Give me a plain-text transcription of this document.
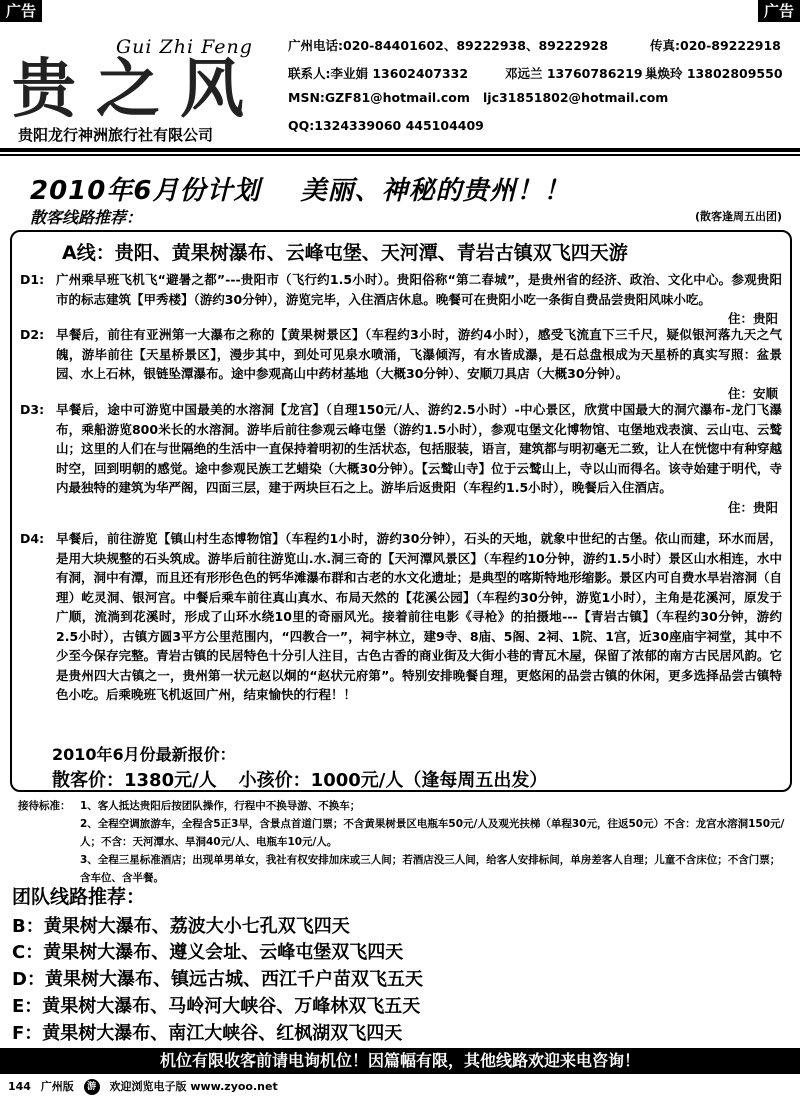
广告	广告
贵之风
Gui Zhi Feng
贵阳龙行神洲旅行社有限公司
广州电话:020-84401602、89222938、89222928	传真:020-89222918
联系人:李业娟 13602407332	邓远兰 13760786219 巢焕玲 13802809550
MSN:GZF81@hotmail.com ljc31851802@hotmail.com
QQ:1324339060 445104409
2010年6月份计划 美丽、神秘的贵州！！
散客线路推荐：	(散客逢周五出团)
A线：贵阳、黄果树瀑布、云峰屯堡、天河潭、青岩古镇双飞四天游
D1: 广州乘早班飞机飞“避暑之都”---贵阳市（飞行约1.5小时）。贵阳俗称“第二春城”，是贵州省的经济、政治、文化中心。参观贵阳市的标志建筑【甲秀楼】（游约30分钟），游览完毕，入住酒店休息。晚餐可在贵阳小吃一条街自费品尝贵阳风味小吃。
住：贵阳
D2: 早餐后，前往有亚洲第一大瀑布之称的【黄果树景区】（车程约3小时，游约4小时），感受飞流直下三千尺，疑似银河落九天之气魄，游毕前往【天星桥景区】，漫步其中，到处可见泉水喷涌，飞瀑倾泻，有水皆成瀑，是石总盘根成为天星桥的真实写照：盆景园、水上石林，银链坠潭瀑布。途中参观高山中药材基地（大概30分钟）、安顺刀具店（大概30分钟）。
住：安顺
D3: 早餐后，途中可游览中国最美的水溶洞【龙宫】（自理150元/人、游约2.5小时）-中心景区，欣赏中国最大的洞穴瀑布-龙门飞瀑布，乘船游览800米长的水溶洞。游毕后前往参观云峰屯堡（游约1.5小时），参观屯堡文化博物馆、屯堡地戏表演、云山屯、云鹫山；这里的人们在与世隔绝的生活中一直保持着明初的生活状态，包括服装，语言，建筑都与明初毫无二致，让人在恍惚中有种穿越时空，回到明朝的感觉。途中参观民族工艺蜡染（大概30分钟）。【云鹫山寺】位于云鹫山上，寺以山而得名。该寺始建于明代，寺内最独特的建筑为华严阁，四面三层，建于两块巨石之上。游毕后返贵阳（车程约1.5小时），晚餐后入住酒店。
住：贵阳
D4: 早餐后，前往游览【镇山村生态博物馆】（车程约1小时，游约30分钟），石头的天地，就象中世纪的古堡。依山而建，环水而居，是用大块规整的石头筑成。游毕后前往游览山.水.洞三奇的【天河潭风景区】（车程约10分钟，游约1.5小时）景区山水相连，水中有洞，洞中有潭，而且还有形形色色的钙华滩瀑布群和古老的水文化遗址；是典型的喀斯特地形缩影。景区内可自费水旱岩溶洞（自理）屹灵洞、银河宫。中餐后乘车前往真山真水、布局天然的【花溪公园】（车程约30分钟，游览1小时），主角是花溪河，原发于广顺，流淌到花溪时，形成了山环水绕10里的奇丽风光。接着前往电影《寻枪》的拍摄地---【青岩古镇】（车程约30分钟，游约2.5小时），古镇方圆3平方公里范围内，“四教合一”，祠宇林立，建9寺、8庙、5阁、2祠、1院、1宫，近30座庙宇祠堂，其中不少至今保存完整。青岩古镇的民居特色十分引人注目，古色古香的商业街及大街小巷的青瓦木屋，保留了浓郁的南方古民居风韵。它是贵州四大古镇之一，贵州第一状元赵以炯的“赵状元府第”。特别安排晚餐自理，更悠闲的品尝古镇的休闲，更多选择品尝古镇特色小吃。后乘晚班飞机返回广州，结束愉快的行程！！
2010年6月份最新报价：
散客价：1380元/人 小孩价：1000元/人（逢每周五出发）
接待标准： 1、客人抵达贵阳后按团队操作，行程中不换导游、不换车；
2、全程空调旅游车，全程含5正3早，含景点首道门票；不含黄果树景区电瓶车50元/人及观光扶梯（单程30元，往返50元）不含：龙宫水溶洞150元/人；不含：天河潭水、旱洞40元/人、电瓶车10元/人。
3、全程三星标准酒店；出现单男单女，我社有权安排加床或三人间；若酒店没三人间，给客人安排标间，单房差客人自理；儿童不含床位；不含门票；含车位、含半餐。
团队线路推荐：
B：黄果树大瀑布、荔波大小七孔双飞四天
C：黄果树大瀑布、遵义会址、云峰屯堡双飞四天
D：黄果树大瀑布、镇远古城、西江千户苗双飞五天
E：黄果树大瀑布、马岭河大峡谷、万峰林双飞五天
F：黄果树大瀑布、南江大峡谷、红枫湖双飞四天
机位有限收客前请电询机位！因篇幅有限，其他线路欢迎来电咨询！
144 广州版 游 欢迎浏览电子版 www.zyoo.net
